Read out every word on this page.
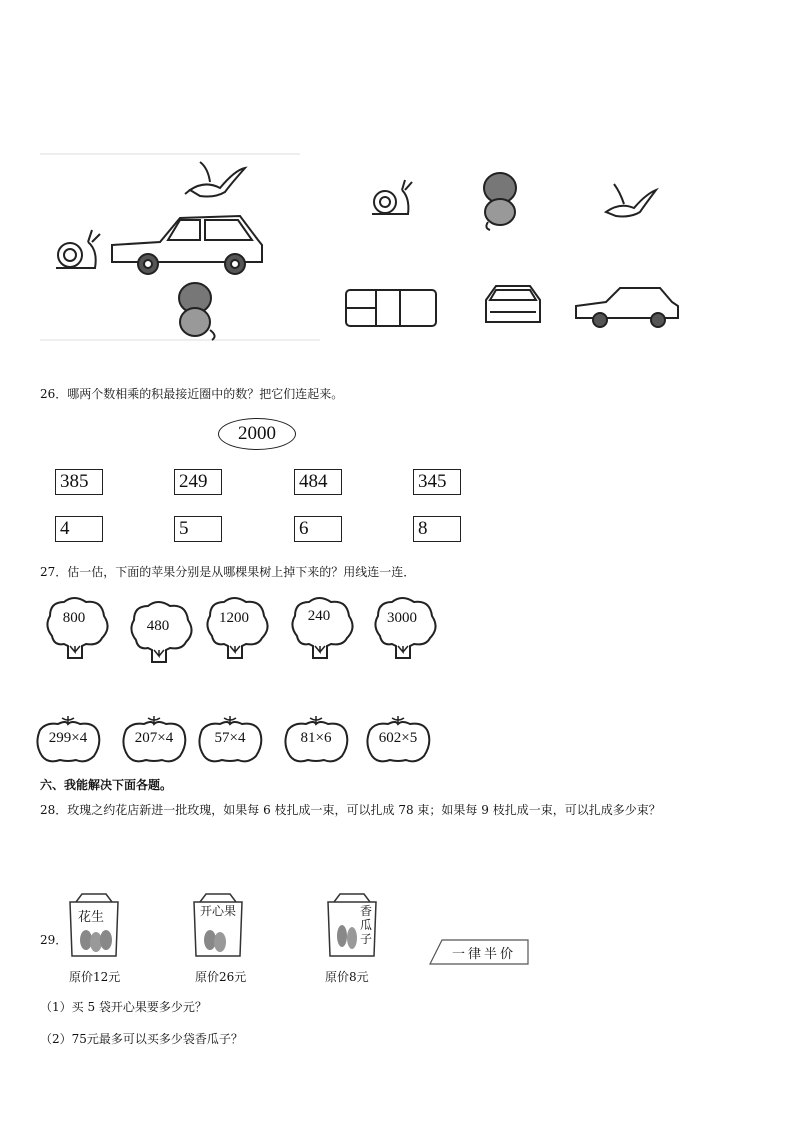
26．哪两个数相乘的积最接近圈中的数？把它们连起来。
2000
385	249	484	345
4	5	6	8
27．估一估，下面的苹果分别是从哪棵果树上掉下来的？用线连一连．
800	480	1200	240	3000
299×4	207×4	57×4	81×6	602×5
六、我能解决下面各题。
28．玫瑰之约花店新进一批玫瑰，如果每 6 枝扎成一束，可以扎成 78 束；如果每 9 枝扎成一束，可以扎成多少束？
29．
花生
原价12元
开心果
原价26元
香瓜子
原价8元
一律半价
（1）买 5 袋开心果要多少元？
（2）75元最多可以买多少袋香瓜子？
